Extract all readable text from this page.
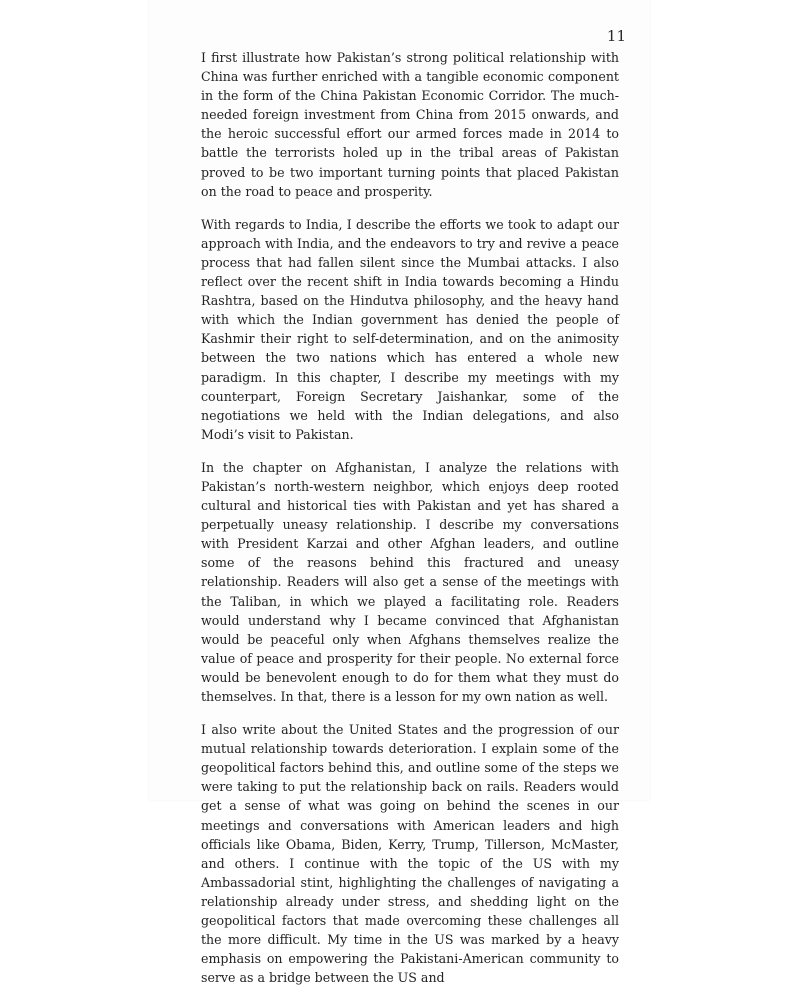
11

I first illustrate how Pakistan’s strong political relationship with China was further enriched with a tangible economic component in the form of the China Pakistan Economic Corridor. The much-needed foreign investment from China from 2015 onwards, and the heroic successful effort our armed forces made in 2014 to battle the terrorists holed up in the tribal areas of Pakistan proved to be two important turning points that placed Pakistan on the road to peace and prosperity.

With regards to India, I describe the efforts we took to adapt our approach with India, and the endeavors to try and revive a peace process that had fallen silent since the Mumbai attacks. I also reflect over the recent shift in India towards becoming a Hindu Rashtra, based on the Hindutva philosophy, and the heavy hand with which the Indian government has denied the people of Kashmir their right to self-determination, and on the animosity between the two nations which has entered a whole new paradigm. In this chapter, I describe my meetings with my counterpart, Foreign Secretary Jaishankar, some of the negotiations we held with the Indian delegations, and also Modi’s visit to Pakistan.

In the chapter on Afghanistan, I analyze the relations with Pakistan’s north-western neighbor, which enjoys deep rooted cultural and historical ties with Pakistan and yet has shared a perpetually uneasy relationship. I describe my conversations with President Karzai and other Afghan leaders, and outline some of the reasons behind this fractured and uneasy relationship. Readers will also get a sense of the meetings with the Taliban, in which we played a facilitating role. Readers would understand why I became convinced that Afghanistan would be peaceful only when Afghans themselves realize the value of peace and prosperity for their people. No external force would be benevolent enough to do for them what they must do themselves. In that, there is a lesson for my own nation as well.

I also write about the United States and the progression of our mutual relationship towards deterioration. I explain some of the geopolitical factors behind this, and outline some of the steps we were taking to put the relationship back on rails. Readers would get a sense of what was going on behind the scenes in our meetings and conversations with American leaders and high officials like Obama, Biden, Kerry, Trump, Tillerson, McMaster, and others. I continue with the topic of the US with my Ambassadorial stint, highlighting the challenges of navigating a relationship already under stress, and shedding light on the geopolitical factors that made overcoming these challenges all the more difficult. My time in the US was marked by a heavy emphasis on empowering the Pakistani-American community to serve as a bridge between the US and
